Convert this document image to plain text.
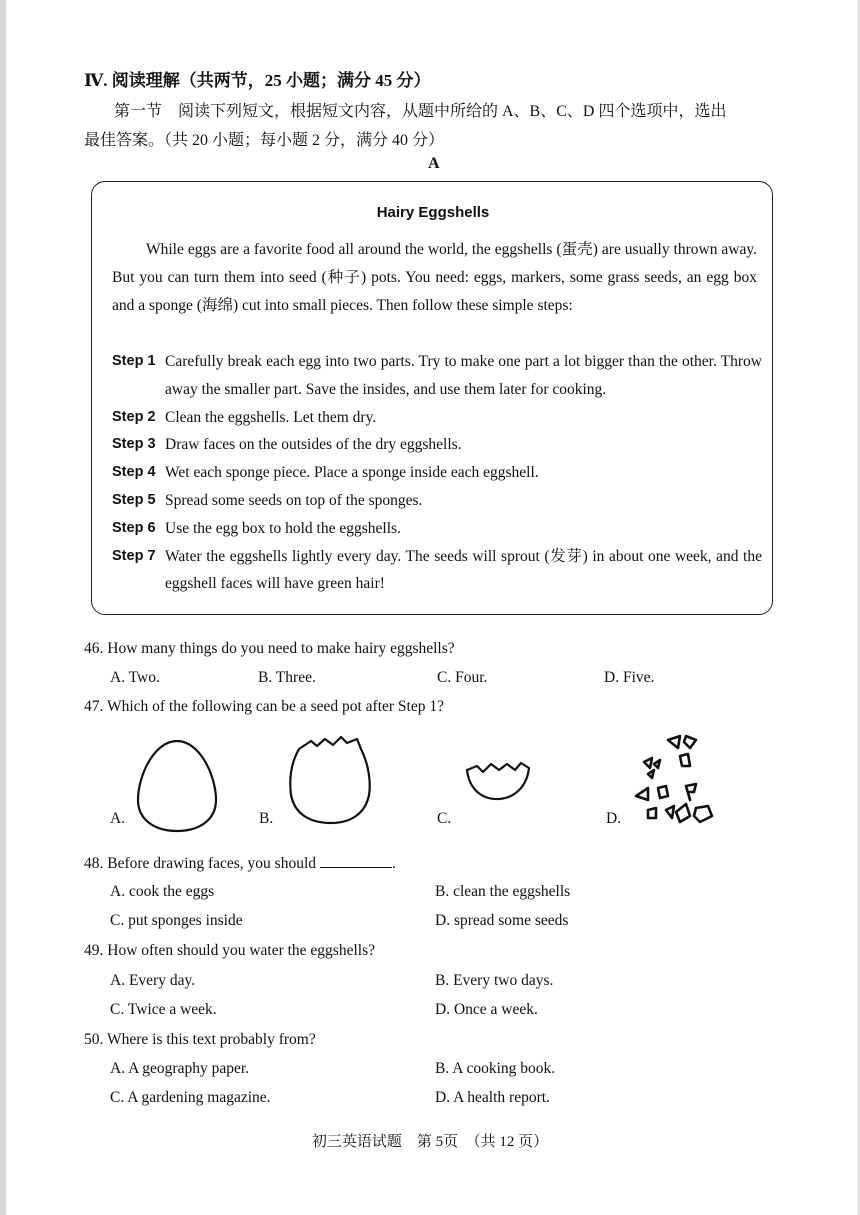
Ⅳ. 阅读理解（共两节，25 小题；满分 45 分）
第一节　阅读下列短文，根据短文内容，从题中所给的 A、B、C、D 四个选项中，选出
最佳答案。（共 20 小题；每小题 2 分，满分 40 分）
A
Hairy Eggshells
While eggs are a favorite food all around the world, the eggshells (蛋壳) are usually thrown away. But you can turn them into seed (种子) pots. You need: eggs, markers, some grass seeds, an egg box and a sponge (海绵) cut into small pieces. Then follow these simple steps:
Step 1 Carefully break each egg into two parts. Try to make one part a lot bigger than the other. Throw away the smaller part. Save the insides, and use them later for cooking.
Step 2 Clean the eggshells. Let them dry.
Step 3 Draw faces on the outsides of the dry eggshells.
Step 4 Wet each sponge piece. Place a sponge inside each eggshell.
Step 5 Spread some seeds on top of the sponges.
Step 6 Use the egg box to hold the eggshells.
Step 7 Water the eggshells lightly every day. The seeds will sprout (发芽) in about one week, and the eggshell faces will have green hair!
46. How many things do you need to make hairy eggshells?
A. Two.	B. Three.	C. Four.	D. Five.
47. Which of the following can be a seed pot after Step 1?
A.	B.	C.	D.
48. Before drawing faces, you should	.
A. cook the eggs	B. clean the eggshells
C. put sponges inside	D. spread some seeds
49. How often should you water the eggshells?
A. Every day.	B. Every two days.
C. Twice a week.	D. Once a week.
50. Where is this text probably from?
A. A geography paper.	B. A cooking book.
C. A gardening magazine.	D. A health report.
初三英语试题　第 5页　（共 12 页）
